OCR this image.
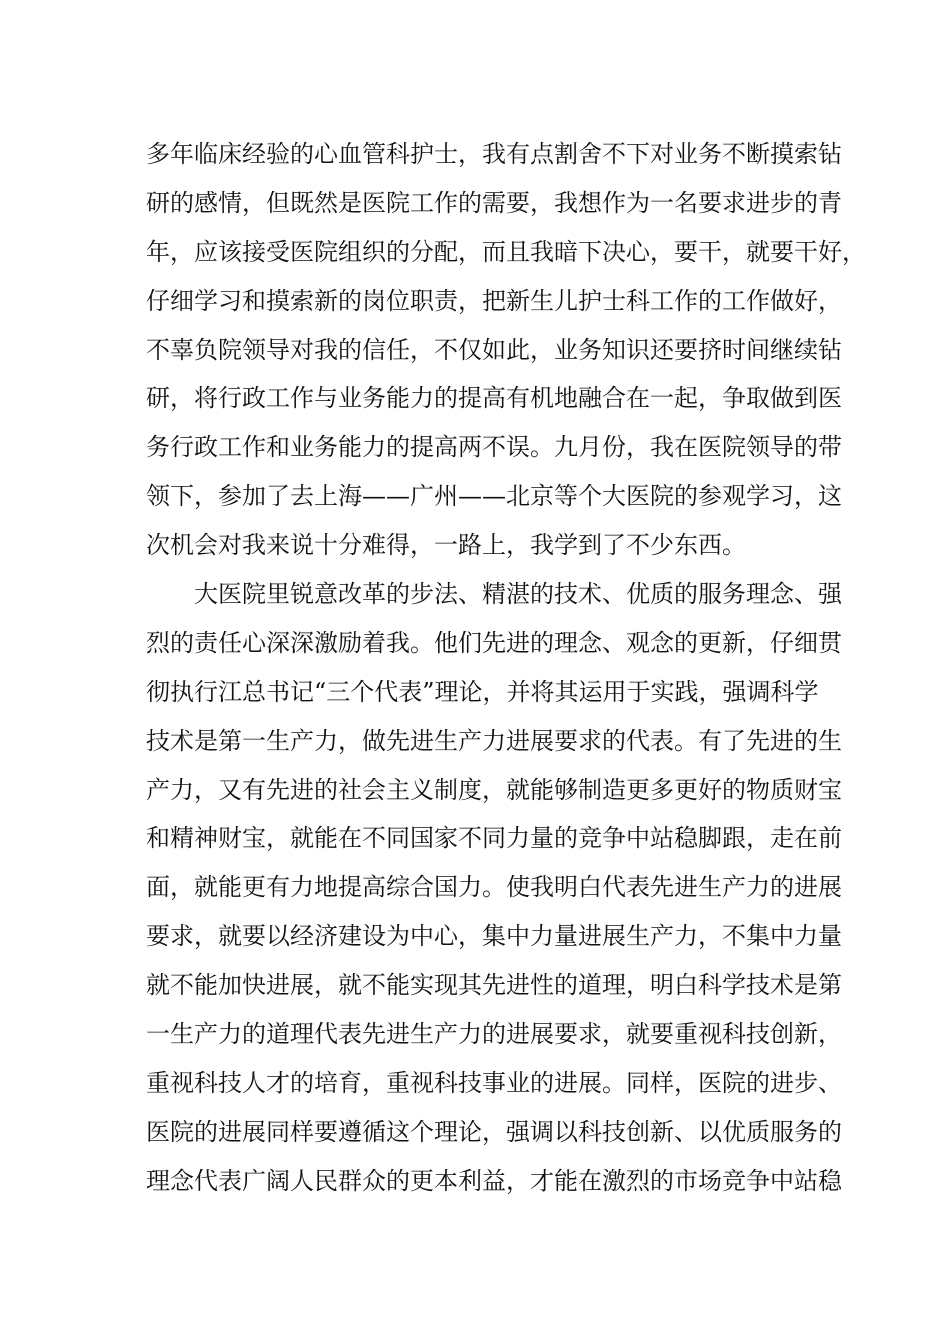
多年临床经验的心血管科护士，我有点割舍不下对业务不断摸索钻
研的感情，但既然是医院工作的需要，我想作为一名要求进步的青
年，应该接受医院组织的分配，而且我暗下决心，要干，就要干好，
仔细学习和摸索新的岗位职责，把新生儿护士科工作的工作做好，
不辜负院领导对我的信任，不仅如此，业务知识还要挤时间继续钻
研，将行政工作与业务能力的提高有机地融合在一起，争取做到医
务行政工作和业务能力的提高两不误。九月份，我在医院领导的带
领下，参加了去上海——广州——北京等个大医院的参观学习，这
次机会对我来说十分难得，一路上，我学到了不少东西。
大医院里锐意改革的步法、精湛的技术、优质的服务理念、强
烈的责任心深深激励着我。他们先进的理念、观念的更新，仔细贯
彻执行江总书记“三个代表”理论，并将其运用于实践，强调科学
技术是第一生产力，做先进生产力进展要求的代表。有了先进的生
产力，又有先进的社会主义制度，就能够制造更多更好的物质财宝
和精神财宝，就能在不同国家不同力量的竞争中站稳脚跟，走在前
面，就能更有力地提高综合国力。使我明白代表先进生产力的进展
要求，就要以经济建设为中心，集中力量进展生产力，不集中力量
就不能加快进展，就不能实现其先进性的道理，明白科学技术是第
一生产力的道理代表先进生产力的进展要求，就要重视科技创新，
重视科技人才的培育，重视科技事业的进展。同样，医院的进步、
医院的进展同样要遵循这个理论，强调以科技创新、以优质服务的
理念代表广阔人民群众的更本利益，才能在激烈的市场竞争中站稳
